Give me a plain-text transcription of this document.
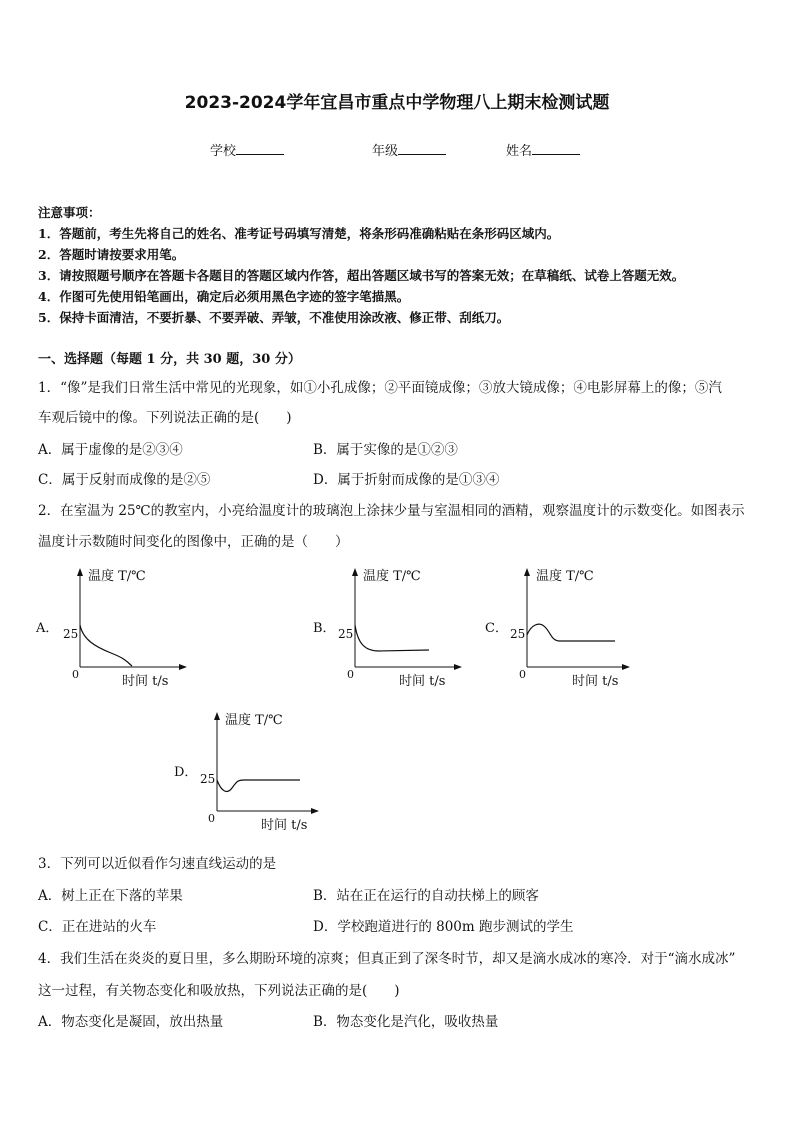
2023-2024学年宜昌市重点中学物理八上期末检测试题
学校	年级	姓名
注意事项：
1．答题前，考生先将自己的姓名、准考证号码填写清楚，将条形码准确粘贴在条形码区域内。
2．答题时请按要求用笔。
3．请按照题号顺序在答题卡各题目的答题区域内作答，超出答题区域书写的答案无效；在草稿纸、试卷上答题无效。
4．作图可先使用铅笔画出，确定后必须用黑色字迹的签字笔描黑。
5．保持卡面清洁，不要折暴、不要弄破、弄皱，不准使用涂改液、修正带、刮纸刀。
一、选择题（每题 1 分，共 30 题，30 分）
1．“像”是我们日常生活中常见的光现象，如①小孔成像；②平面镜成像；③放大镜成像；④电影屏幕上的像；⑤汽
车观后镜中的像。下列说法正确的是(　　)
A．属于虚像的是②③④	B．属于实像的是①②③
C．属于反射而成像的是②⑤	D．属于折射而成像的是①③④
2．在室温为 25℃的教室内，小亮给温度计的玻璃泡上涂抹少量与室温相同的酒精，观察温度计的示数变化。如图表示
温度计示数随时间变化的图像中，正确的是（　　）
A．
温度 T/℃
25
0	时间 t/s
B．
温度 T/℃
25
0	时间 t/s
C．
温度 T/℃
25
0	时间 t/s
D．
温度 T/℃
25
0	时间 t/s
3．下列可以近似看作匀速直线运动的是
A．树上正在下落的苹果	B．站在正在运行的自动扶梯上的顾客
C．正在进站的火车	D．学校跑道进行的 800m 跑步测试的学生
4．我们生活在炎炎的夏日里，多么期盼环境的凉爽；但真正到了深冬时节，却又是滴水成冰的寒冷．对于“滴水成冰”
这一过程，有关物态变化和吸放热，下列说法正确的是(　　)
A．物态变化是凝固，放出热量	B．物态变化是汽化，吸收热量
